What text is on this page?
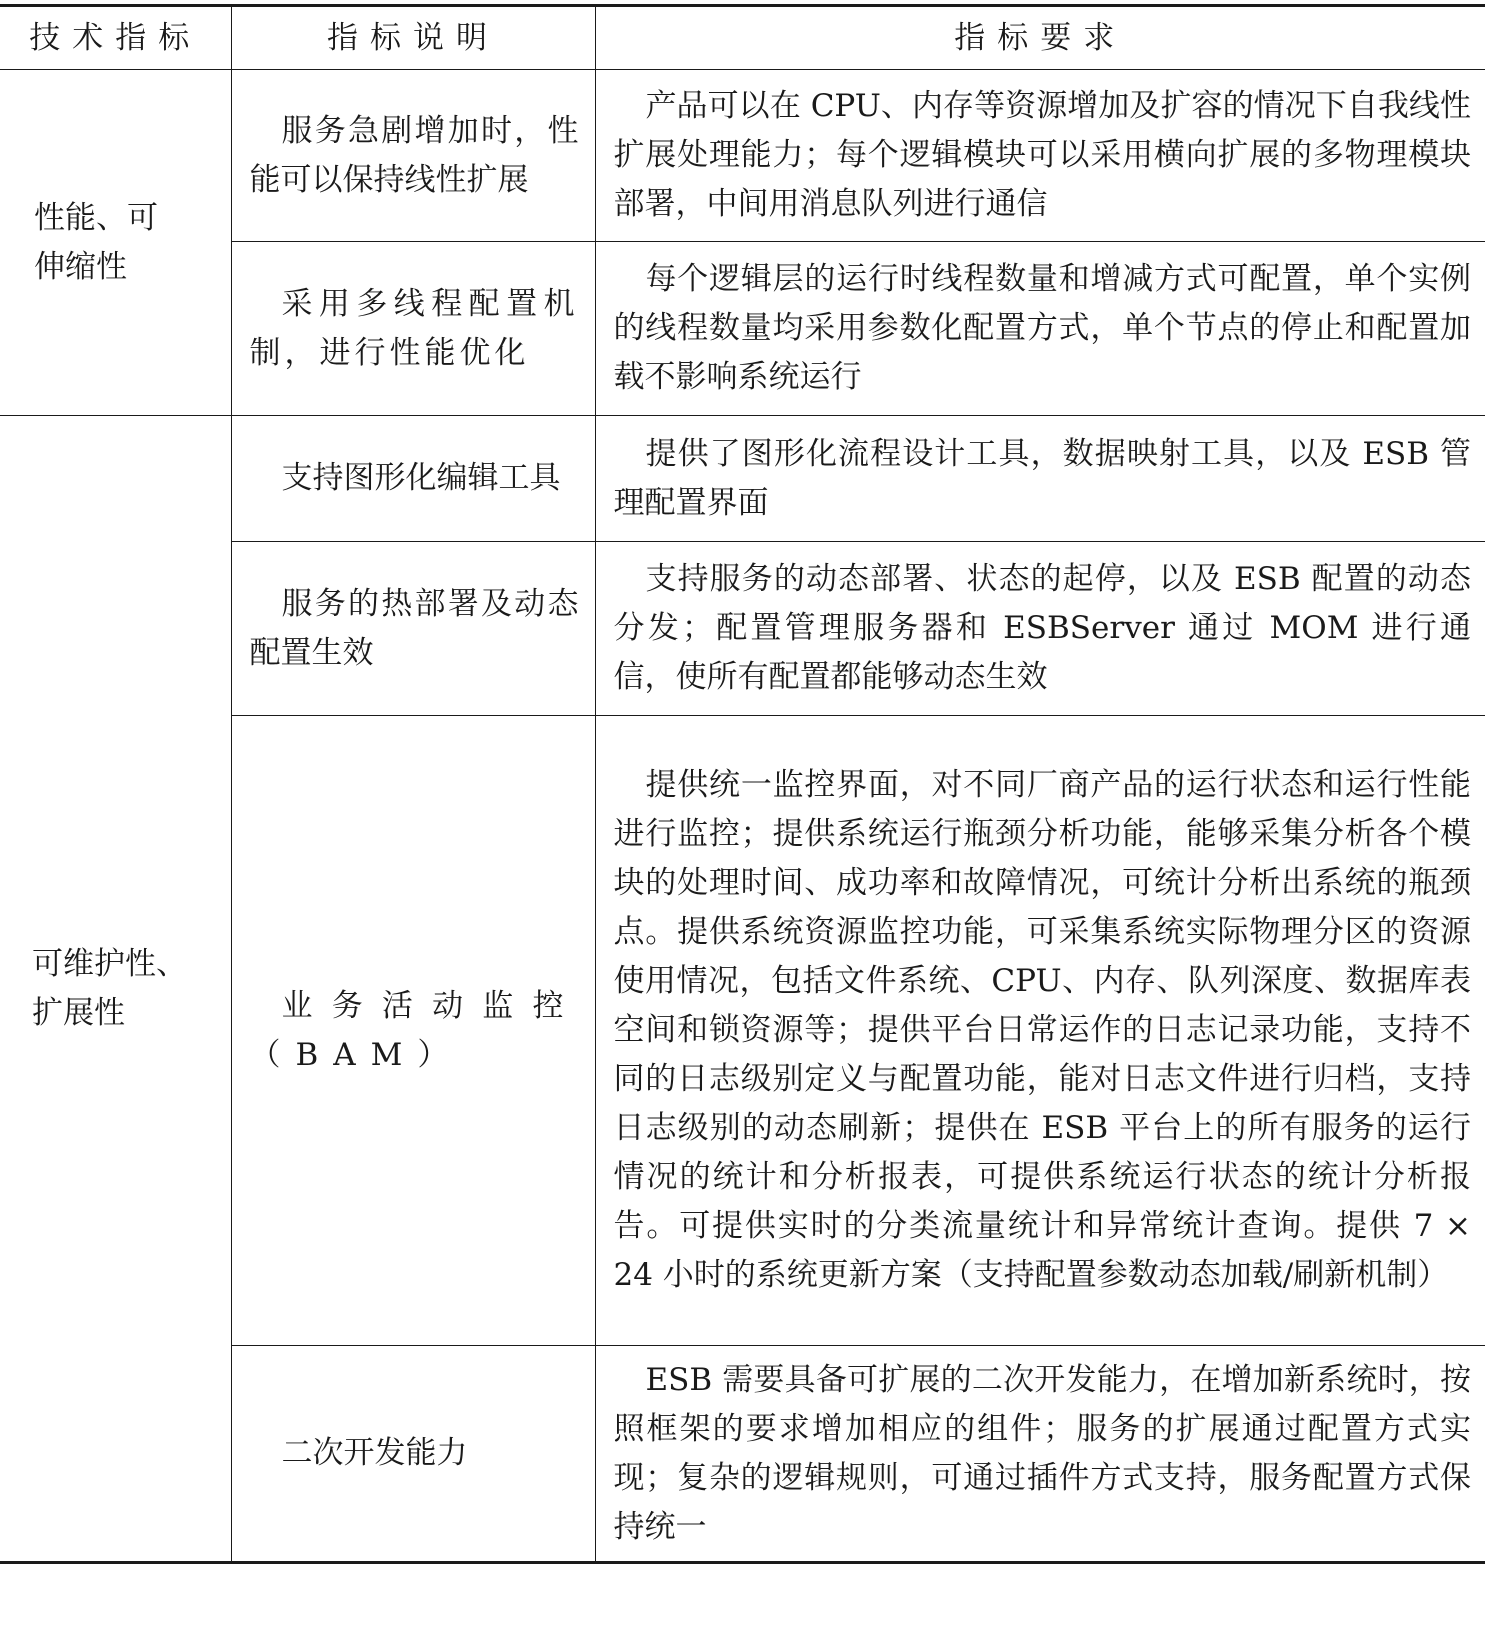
技术指标	指标说明	指标要求

性能、可伸缩性	服务急剧增加时，性能可以保持线性扩展	产品可以在 CPU、内存等资源增加及扩容的情况下自我线性扩展处理能力；每个逻辑模块可以采用横向扩展的多物理模块部署，中间用消息队列进行通信

	采用多线程配置机制，进行性能优化	每个逻辑层的运行时线程数量和增减方式可配置，单个实例的线程数量均采用参数化配置方式，单个节点的停止和配置加载不影响系统运行

可维护性、扩展性	支持图形化编辑工具	提供了图形化流程设计工具，数据映射工具，以及 ESB 管理配置界面

	服务的热部署及动态配置生效	支持服务的动态部署、状态的起停，以及 ESB 配置的动态分发；配置管理服务器和 ESBServer 通过 MOM 进行通信，使所有配置都能够动态生效

	业务活动监控（BAM）	提供统一监控界面，对不同厂商产品的运行状态和运行性能进行监控；提供系统运行瓶颈分析功能，能够采集分析各个模块的处理时间、成功率和故障情况，可统计分析出系统的瓶颈点。提供系统资源监控功能，可采集系统实际物理分区的资源使用情况，包括文件系统、CPU、内存、队列深度、数据库表空间和锁资源等；提供平台日常运作的日志记录功能，支持不同的日志级别定义与配置功能，能对日志文件进行归档，支持日志级别的动态刷新；提供在 ESB 平台上的所有服务的运行情况的统计和分析报表，可提供系统运行状态的统计分析报告。可提供实时的分类流量统计和异常统计查询。提供 7 × 24 小时的系统更新方案（支持配置参数动态加载/刷新机制）

	二次开发能力	ESB 需要具备可扩展的二次开发能力，在增加新系统时，按照框架的要求增加相应的组件；服务的扩展通过配置方式实现；复杂的逻辑规则，可通过插件方式支持，服务配置方式保持统一
